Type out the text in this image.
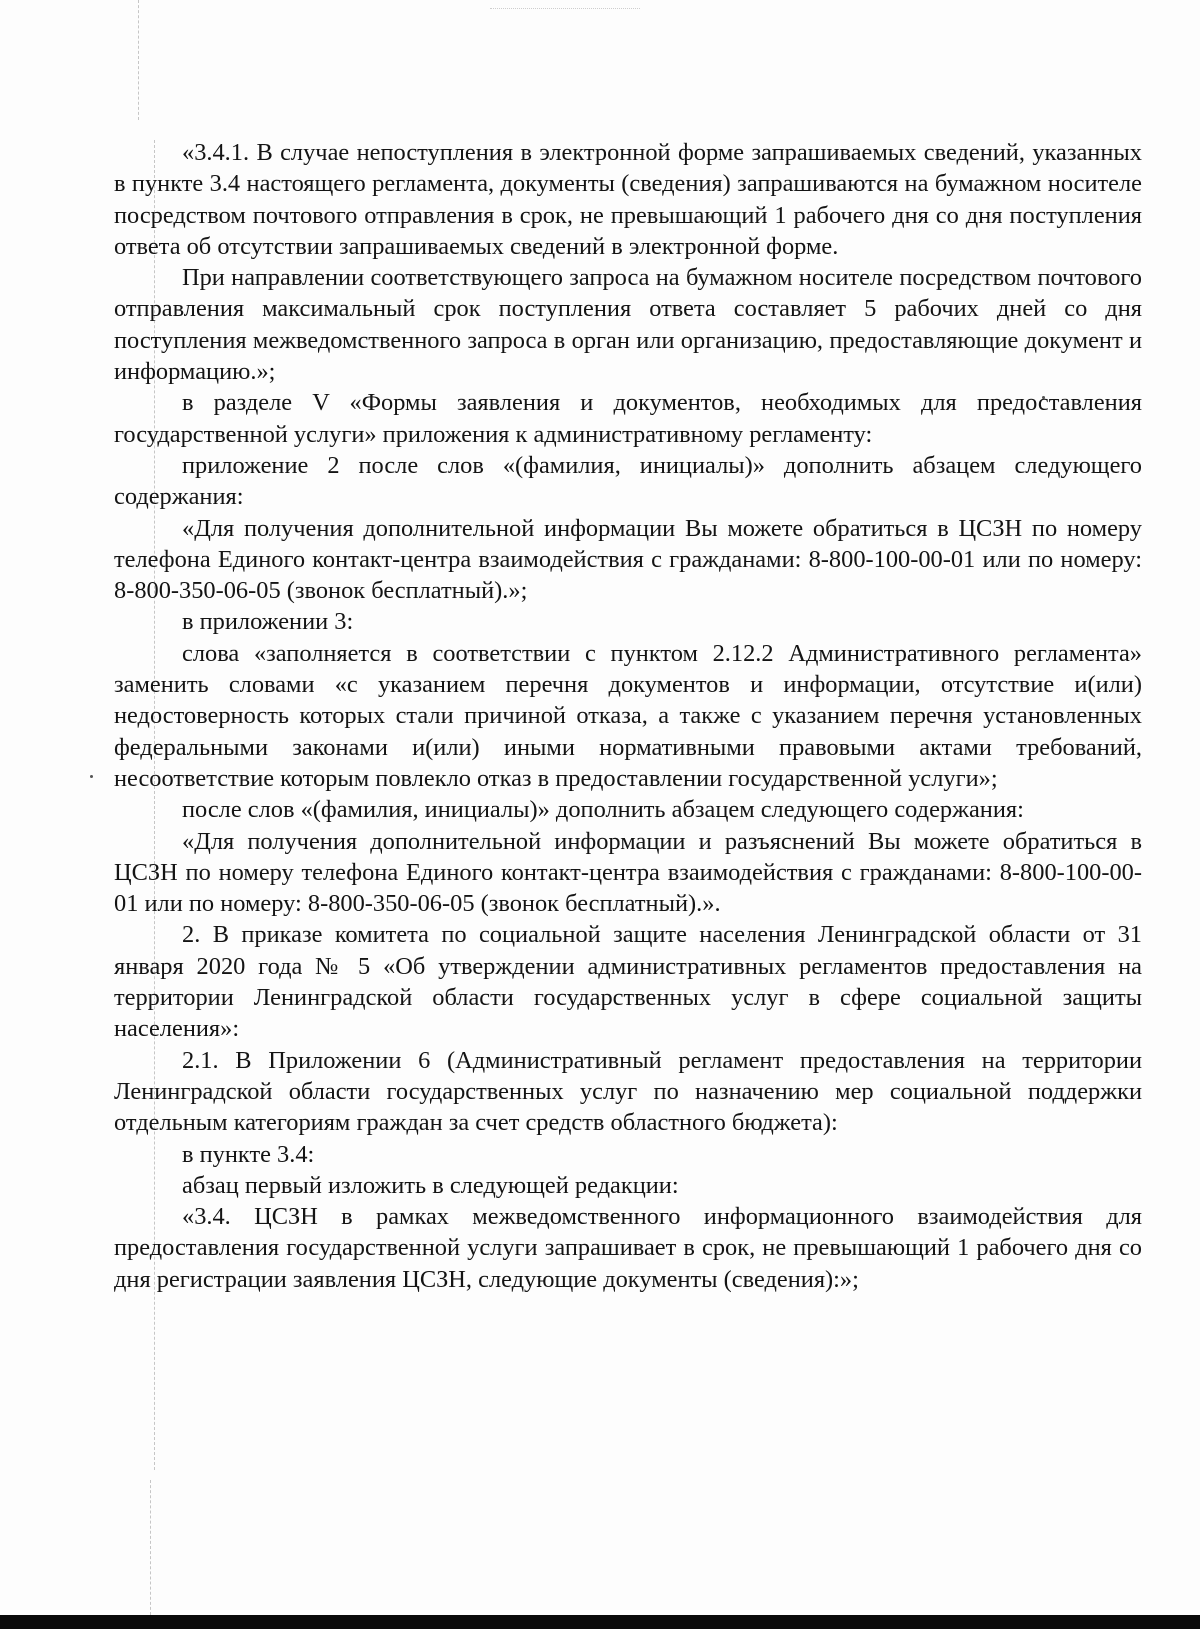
«3.4.1. В случае непоступления в электронной форме запрашиваемых сведений, указанных в пункте 3.4 настоящего регламента, документы (сведения) запрашиваются на бумажном носителе посредством почтового отправления в срок, не превышающий 1 рабочего дня со дня поступления ответа об отсутствии запрашиваемых сведений в электронной форме.

При направлении соответствующего запроса на бумажном носителе посредством почтового отправления максимальный срок поступления ответа составляет 5 рабочих дней со дня поступления межведомственного запроса в орган или организацию, предоставляющие документ и информацию.»;

в разделе V «Формы заявления и документов, необходимых для предоставления государственной услуги» приложения к административному регламенту:

приложение 2 после слов «(фамилия, инициалы)» дополнить абзацем следующего содержания:

«Для получения дополнительной информации Вы можете обратиться в ЦСЗН по номеру телефона Единого контакт-центра взаимодействия с гражданами: 8-800-100-00-01 или по номеру: 8-800-350-06-05 (звонок бесплатный).»;

в приложении 3:

слова «заполняется в соответствии с пунктом 2.12.2 Административного регламента» заменить словами «с указанием перечня документов и информации, отсутствие и(или) недостоверность которых стали причиной отказа, а также с указанием перечня установленных федеральными законами и(или) иными нормативными правовыми актами требований, несоответствие которым повлекло отказ в предоставлении государственной услуги»;

после слов «(фамилия, инициалы)» дополнить абзацем следующего содержания:

«Для получения дополнительной информации и разъяснений Вы можете обратиться в ЦСЗН по номеру телефона Единого контакт-центра взаимодействия с гражданами: 8-800-100-00-01 или по номеру: 8-800-350-06-05 (звонок бесплатный).».

2. В приказе комитета по социальной защите населения Ленинградской области от 31 января 2020 года № 5 «Об утверждении административных регламентов предоставления на территории Ленинградской области государственных услуг в сфере социальной защиты населения»:

2.1. В Приложении 6 (Административный регламент предоставления на территории Ленинградской области государственных услуг по назначению мер социальной поддержки отдельным категориям граждан за счет средств областного бюджета):

в пункте 3.4:

абзац первый изложить в следующей редакции:

«3.4. ЦСЗН в рамках межведомственного информационного взаимодействия для предоставления государственной услуги запрашивает в срок, не превышающий 1 рабочего дня со дня регистрации заявления ЦСЗН, следующие документы (сведения):»;
